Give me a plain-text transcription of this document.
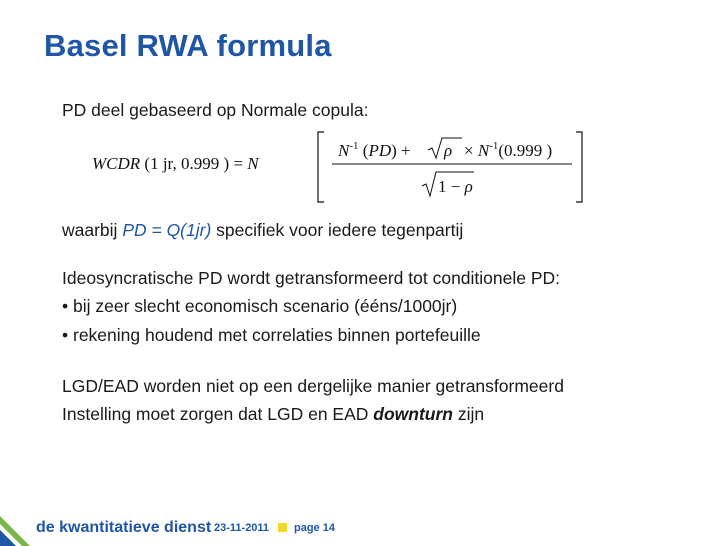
Basel RWA formula
PD deel gebaseerd op Normale copula:
WCDR (1 jr, 0.999 ) = N
$N^{-1}$ $(PD) + \rho \times N^{-1}(0.999$ )
1 − ρ
waarbij PD = Q(1jr) specifiek voor iedere tegenpartij
Ideosyncratische PD wordt getransformeerd tot conditionele PD:
• bij zeer slecht economisch scenario (ééns/1000jr)
• rekening houdend met correlaties binnen portefeuille
LGD/EAD worden niet op een dergelijke manier getransformeerd
Instelling moet zorgen dat LGD en EAD downturn zijn
de kwantitatieve dienst 23-11-2011 page 14
